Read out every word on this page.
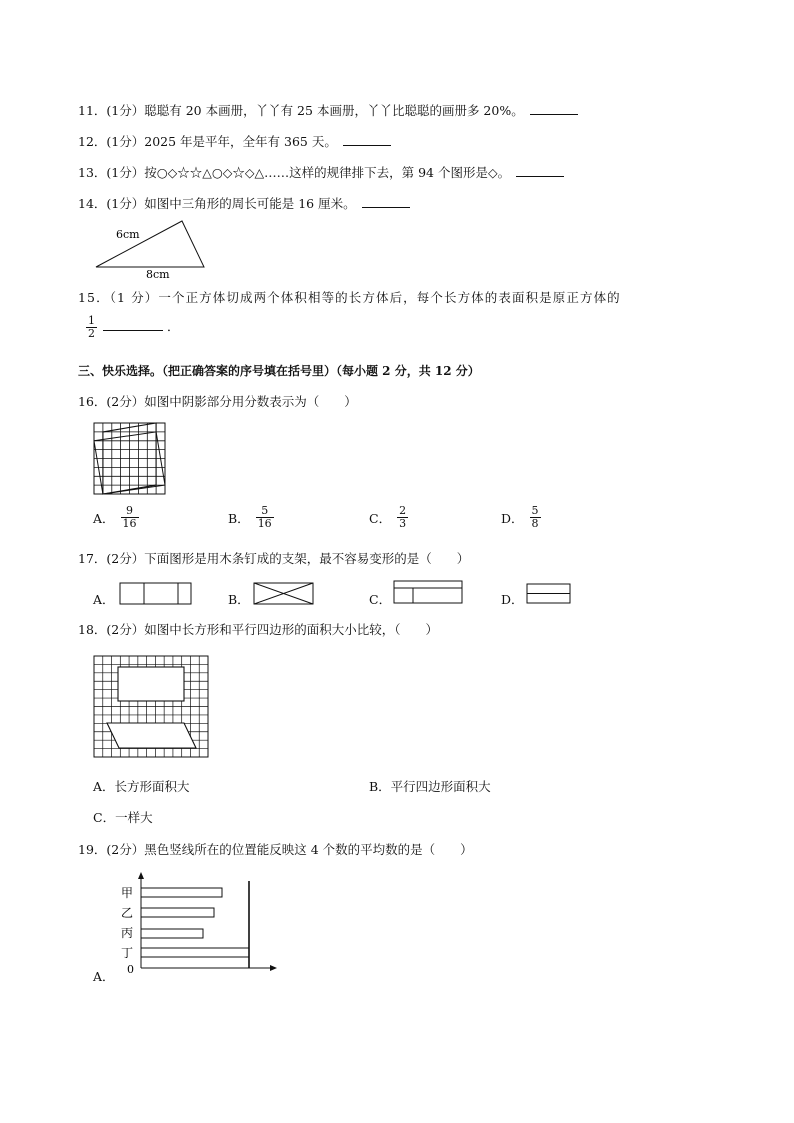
11．(1分）聪聪有 20 本画册，丫丫有 25 本画册，丫丫比聪聪的画册多 20%。
12．(1分）2025 年是平年，全年有 365 天。
13．(1分）按○◇☆☆△○◇☆◇△……这样的规律排下去，第 94 个图形是◇。
14．(1分）如图中三角形的周长可能是 16 厘米。
6cm
8cm
15．（1 分）一个正方体切成两个体积相等的长方体后，每个长方体的表面积是原正方体的
$\frac{1}{2}$	．
三、快乐选择。（把正确答案的序号填在括号里）（每小题 2 分，共 12 分）
16．(2分）如图中阴影部分用分数表示为（　　）
A． $\frac{9}{16}$	B． $\frac{5}{16}$	C． $\frac{2}{3}$	D． $\frac{5}{8}$
17．(2分）下面图形是用木条钉成的支架，最不容易变形的是（　　）
A．	B．	C．	D．
18．(2分）如图中长方形和平行四边形的面积大小比较，（　　）
A．长方形面积大	B．平行四边形面积大
C．一样大
19．(2分）黑色竖线所在的位置能反映这 4 个数的平均数的是（　　）
甲
乙
丙
丁
0
A．
